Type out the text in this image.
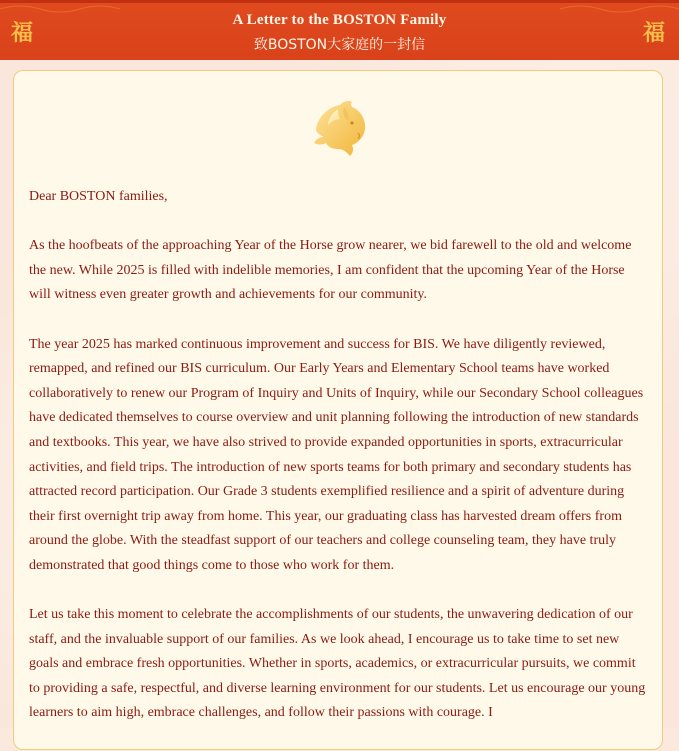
福	A Letter to the BOSTON Family
致BOSTON大家庭的一封信	福

Dear BOSTON families,

As the hoofbeats of the approaching Year of the Horse grow nearer, we bid farewell to the old and welcome the new. While 2025 is filled with indelible memories, I am confident that the upcoming Year of the Horse will witness even greater growth and achievements for our community.

The year 2025 has marked continuous improvement and success for BIS. We have diligently reviewed, remapped, and refined our BIS curriculum. Our Early Years and Elementary School teams have worked collaboratively to renew our Program of Inquiry and Units of Inquiry, while our Secondary School colleagues have dedicated themselves to course overview and unit planning following the introduction of new standards and textbooks. This year, we have also strived to provide expanded opportunities in sports, extracurricular activities, and field trips. The introduction of new sports teams for both primary and secondary students has attracted record participation. Our Grade 3 students exemplified resilience and a spirit of adventure during their first overnight trip away from home. This year, our graduating class has harvested dream offers from around the globe. With the steadfast support of our teachers and college counseling team, they have truly demonstrated that good things come to those who work for them.

Let us take this moment to celebrate the accomplishments of our students, the unwavering dedication of our staff, and the invaluable support of our families. As we look ahead, I encourage us to take time to set new goals and embrace fresh opportunities. Whether in sports, academics, or extracurricular pursuits, we commit to providing a safe, respectful, and diverse learning environment for our students. Let us encourage our young learners to aim high, embrace challenges, and follow their passions with courage. I
